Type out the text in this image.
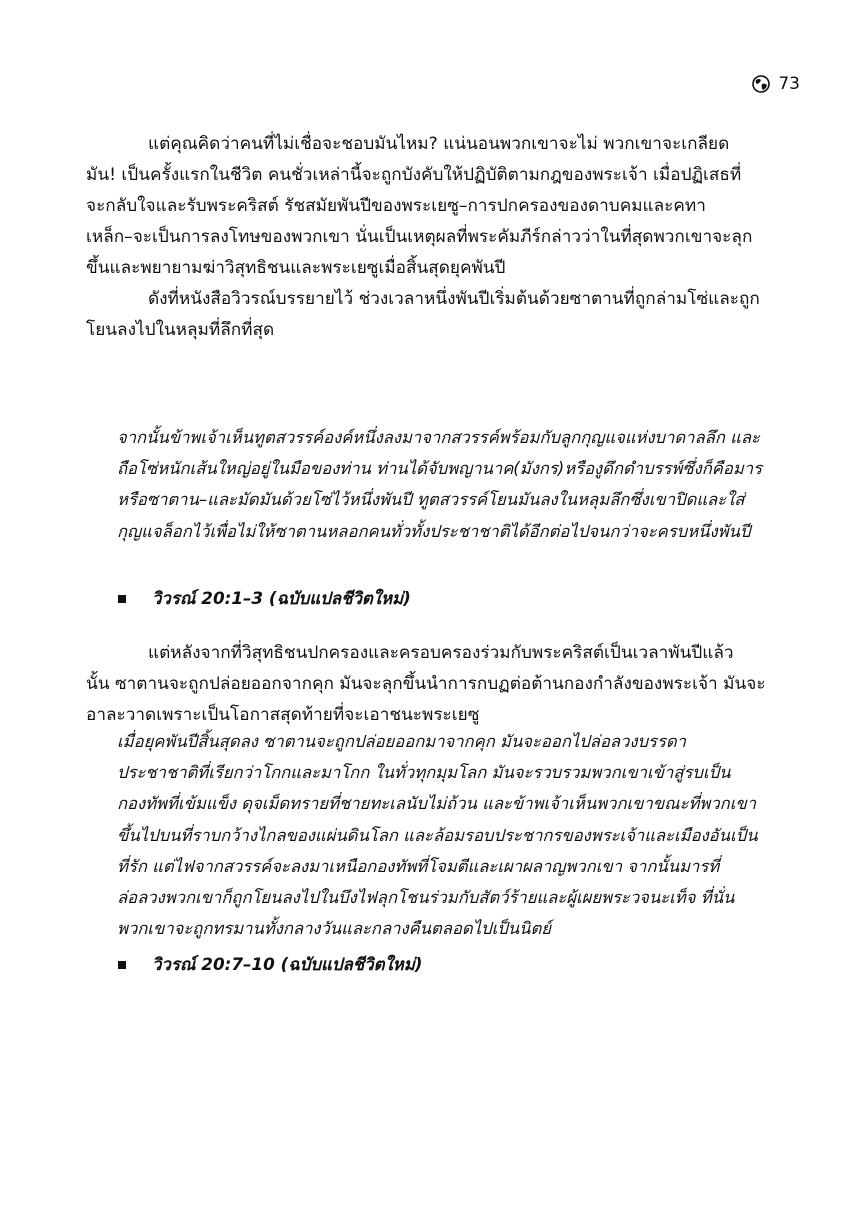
73
แต่คุณคิดว่าคนที่ไม่เชื่อจะชอบมันไหม? แน่นอนพวกเขาจะไม่ พวกเขาจะเกลียด
มัน! เป็นครั้งแรกในชีวิต คนชั่วเหล่านี้จะถูกบังคับให้ปฏิบัติตามกฎของพระเจ้า เมื่อปฏิเสธที่
จะกลับใจและรับพระคริสต์ รัชสมัยพันปีของพระเยซู–การปกครองของดาบคมและคทา
เหล็ก–จะเป็นการลงโทษของพวกเขา นั่นเป็นเหตุผลที่พระคัมภีร์กล่าวว่าในที่สุดพวกเขาจะลุก
ขึ้นและพยายามฆ่าวิสุทธิชนและพระเยซูเมื่อสิ้นสุดยุคพันปี
ดังที่หนังสือวิวรณ์บรรยายไว้ ช่วงเวลาหนึ่งพันปีเริ่มต้นด้วยซาตานที่ถูกล่ามโซ่และถูก
โยนลงไปในหลุมที่ลึกที่สุด
จากนั้นข้าพเจ้าเห็นทูตสวรรค์องค์หนึ่งลงมาจากสวรรค์พร้อมกับลูกกุญแจแห่งบาดาลลึก และ
ถือโซ่หนักเส้นใหญ่อยู่ในมือของท่าน ท่านได้จับพญานาค(มังกร)หรืองูดึกดำบรรพ์ซึ่งก็คือมาร
หรือซาตาน–และมัดมันด้วยโซ่ไว้หนึ่งพันปี ทูตสวรรค์โยนมันลงในหลุมลึกซึ่งเขาปิดและใส่
กุญแจล็อกไว้เพื่อไม่ให้ซาตานหลอกคนทั่วทั้งประชาชาติได้อีกต่อไปจนกว่าจะครบหนึ่งพันปี
วิวรณ์ 20:1–3 (ฉบับแปลชีวิตใหม่)
แต่หลังจากที่วิสุทธิชนปกครองและครอบครองร่วมกับพระคริสต์เป็นเวลาพันปีแล้ว
นั้น ซาตานจะถูกปล่อยออกจากคุก มันจะลุกขึ้นนำการกบฏต่อต้านกองกำลังของพระเจ้า มันจะ
อาละวาดเพราะเป็นโอกาสสุดท้ายที่จะเอาชนะพระเยซู
เมื่อยุคพันปีสิ้นสุดลง ซาตานจะถูกปล่อยออกมาจากคุก มันจะออกไปล่อลวงบรรดา
ประชาชาติที่เรียกว่าโกกและมาโกก ในทั่วทุกมุมโลก มันจะรวบรวมพวกเขาเข้าสู่รบเป็น
กองทัพที่เข้มแข็ง ดุจเม็ดทรายที่ชายทะเลนับไม่ถ้วน และข้าพเจ้าเห็นพวกเขาขณะที่พวกเขา
ขึ้นไปบนที่ราบกว้างไกลของแผ่นดินโลก และล้อมรอบประชากรของพระเจ้าและเมืองอันเป็น
ที่รัก แต่ไฟจากสวรรค์จะลงมาเหนือกองทัพที่โจมตีและเผาผลาญพวกเขา จากนั้นมารที่
ล่อลวงพวกเขาก็ถูกโยนลงไปในบึงไฟลุกโชนร่วมกับสัตว์ร้ายและผู้เผยพระวจนะเท็จ ที่นั่น
พวกเขาจะถูกทรมานทั้งกลางวันและกลางคืนตลอดไปเป็นนิตย์
วิวรณ์ 20:7–10 (ฉบับแปลชีวิตใหม่)
